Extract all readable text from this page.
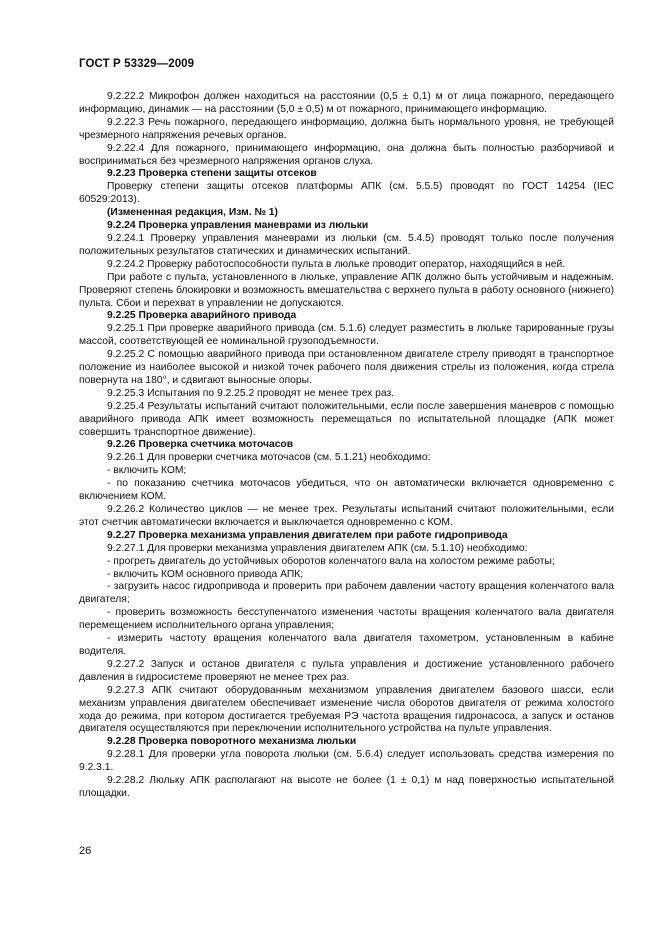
ГОСТ Р 53329—2009

9.2.22.2 Микрофон должен находиться на расстоянии (0,5 ± 0,1) м от лица пожарного, передающего информацию, динамик — на расстоянии (5,0 ± 0,5) м от пожарного, принимающего информацию.

9.2.22.3 Речь пожарного, передающего информацию, должна быть нормального уровня, не требующей чрезмерного напряжения речевых органов.

9.2.22.4 Для пожарного, принимающего информацию, она должна быть полностью разборчивой и восприниматься без чрезмерного напряжения органов слуха.

9.2.23 Проверка степени защиты отсеков

Проверку степени защиты отсеков платформы АПК (см. 5.5.5) проводят по ГОСТ 14254 (IEC 60529:2013).

(Измененная редакция, Изм. № 1)

9.2.24 Проверка управления маневрами из люльки

9.2.24.1 Проверку управления маневрами из люльки (см. 5.4.5) проводят только после получения положительных результатов статических и динамических испытаний.

9.2.24.2 Проверку работоспособности пульта в люльке проводит оператор, находящийся в ней.

При работе с пульта, установленного в люльке, управление АПК должно быть устойчивым и надежным. Проверяют степень блокировки и возможность вмешательства с верхнего пульта в работу основного (нижнего) пульта. Сбои и перехват в управлении не допускаются.

9.2.25 Проверка аварийного привода

9.2.25.1 При проверке аварийного привода (см. 5.1.6) следует разместить в люльке тарированные грузы массой, соответствующей ее номинальной грузоподъемности.

9.2.25.2 С помощью аварийного привода при остановленном двигателе стрелу приводят в транспортное положение из наиболее высокой и низкой точек рабочего поля движения стрелы из положения, когда стрела повернута на 180°, и сдвигают выносные опоры.

9.2.25.3 Испытания по 9.2.25.2 проводят не менее трех раз.

9.2.25.4 Результаты испытаний считают положительными, если после завершения маневров с помощью аварийного привода АПК имеет возможность перемещаться по испытательной площадке (АПК может совершить транспортное движение).

9.2.26 Проверка счетчика моточасов

9.2.26.1 Для проверки счетчика моточасов (см. 5.1.21) необходимо:

- включить КОМ;

- по показанию счетчика моточасов убедиться, что он автоматически включается одновременно с включением КОМ.

9.2.26.2 Количество циклов — не менее трех. Результаты испытаний считают положительными, если этот счетчик автоматически включается и выключается одновременно с КОМ.

9.2.27 Проверка механизма управления двигателем при работе гидропривода

9.2.27.1 Для проверки механизма управления двигателем АПК (см. 5.1.10) необходимо:

- прогреть двигатель до устойчивых оборотов коленчатого вала на холостом режиме работы;

- включить КОМ основного привода АПК;

- загрузить насос гидропривода и проверить при рабочем давлении частоту вращения коленчатого вала двигателя;

- проверить возможность бесступенчатого изменения частоты вращения коленчатого вала двигателя перемещением исполнительного органа управления;

- измерить частоту вращения коленчатого вала двигателя тахометром, установленным в кабине водителя.

9.2.27.2 Запуск и останов двигателя с пульта управления и достижение установленного рабочего давления в гидросистеме проверяют не менее трех раз.

9.2.27.3 АПК считают оборудованным механизмом управления двигателем базового шасси, если механизм управления двигателем обеспечивает изменение числа оборотов двигателя от режима холостого хода до режима, при котором достигается требуемая РЭ частота вращения гидронасоса, а запуск и останов двигателя осуществляются при переключении исполнительного устройства на пульте управления.

9.2.28 Проверка поворотного механизма люльки

9.2.28.1 Для проверки угла поворота люльки (см. 5.6.4) следует использовать средства измерения по 9.2.3.1.

9.2.28.2 Люльку АПК располагают на высоте не более (1 ± 0,1) м над поверхностью испытательной площадки.

26
